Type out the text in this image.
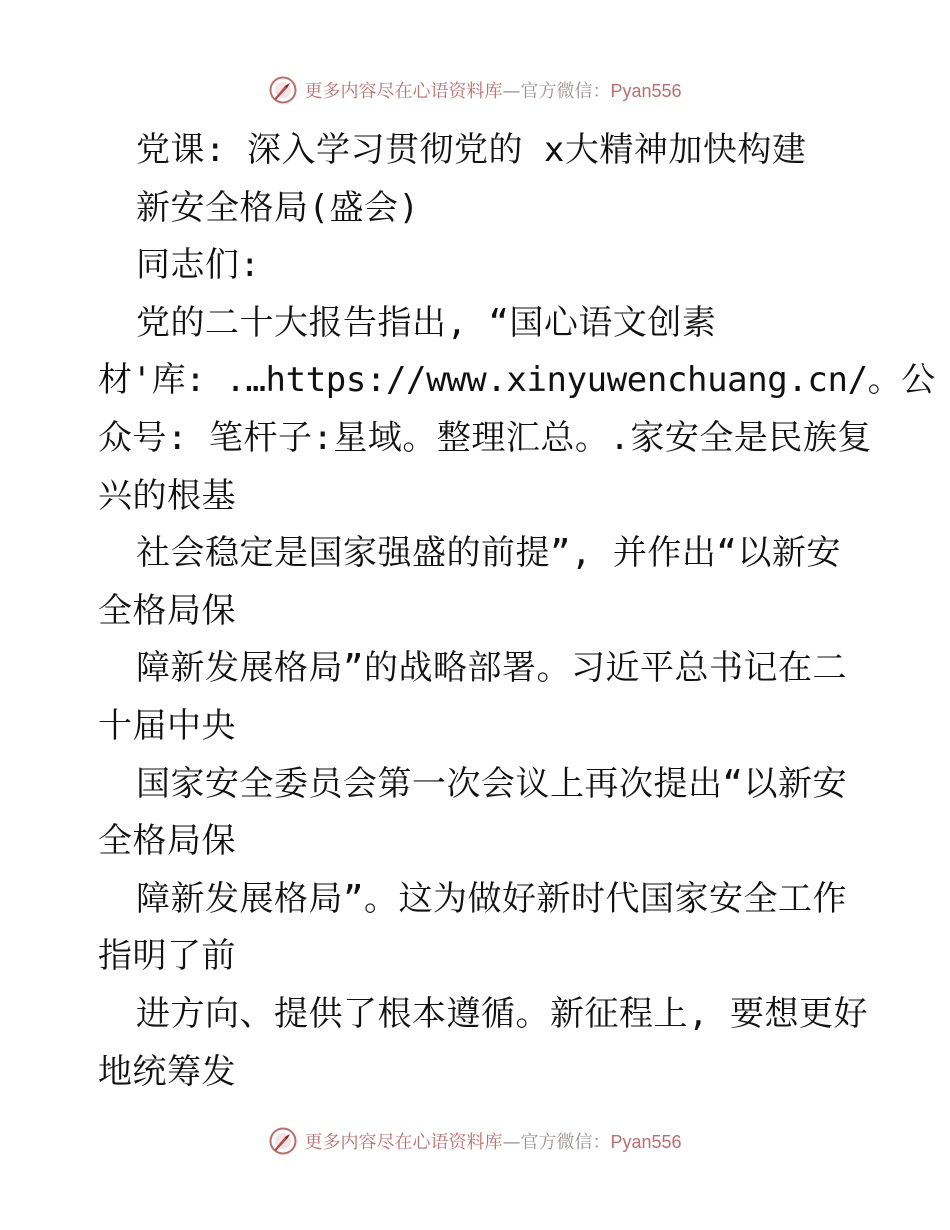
更多内容尽在心语资料库—官方微信：Pyan556
党课: 深入学习贯彻党的 x大精神加快构建
新安全格局(盛会)
同志们:
党的二十大报告指出, “国心语文创素
材'库: .…https://www.xinyuwenchuang.cn/。公
众号: 笔杆子:星域。整理汇总。.家安全是民族复
兴的根基
社会稳定是国家强盛的前提”, 并作出“以新安
全格局保
障新发展格局”的战略部署。习近平总书记在二
十届中央
国家安全委员会第一次会议上再次提出“以新安
全格局保
障新发展格局”。这为做好新时代国家安全工作
指明了前
进方向、提供了根本遵循。新征程上, 要想更好
地统筹发
更多内容尽在心语资料库—官方微信：Pyan556
